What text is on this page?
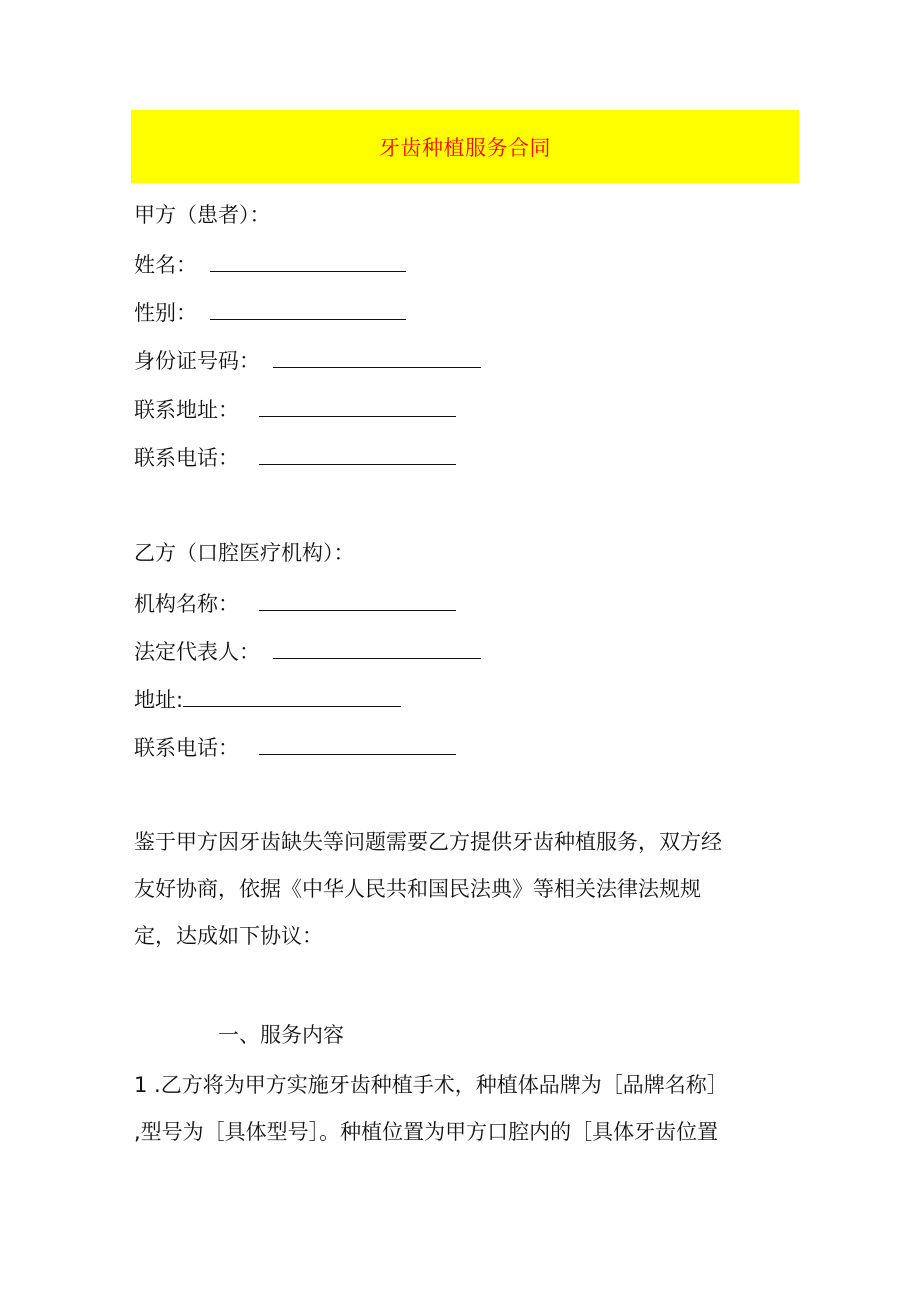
牙齿种植服务合同
甲方（患者）：
姓名：
性别：
身份证号码：
联系地址：
联系电话：
乙方（口腔医疗机构）：
机构名称：
法定代表人：
地址:
联系电话：
鉴于甲方因牙齿缺失等问题需要乙方提供牙齿种植服务，双方经
友好协商，依据《中华人民共和国民法典》等相关法律法规规
定，达成如下协议：
一、服务内容
1 .乙方将为甲方实施牙齿种植手术，种植体品牌为［品牌名称］
,型号为［具体型号］。种植位置为甲方口腔内的［具体牙齿位置
